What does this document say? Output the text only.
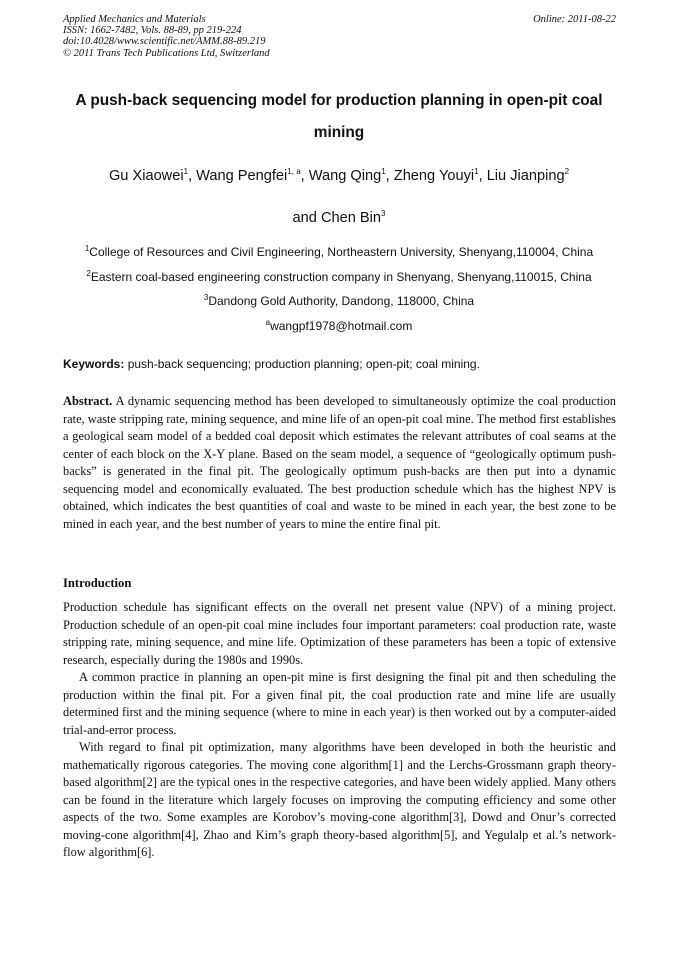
Applied Mechanics and Materials
ISSN: 1662-7482, Vols. 88-89, pp 219-224
doi:10.4028/www.scientific.net/AMM.88-89.219
© 2011 Trans Tech Publications Ltd, Switzerland
Online: 2011-08-22
A push-back sequencing model for production planning in open-pit coal
mining
Gu Xiaowei$^1$, Wang Pengfei$^{1, a}$, Wang Qing$^1$, Zheng Youyi$^1$, Liu Jianping$^2$
and Chen Bin$^3$
$^1$College of Resources and Civil Engineering, Northeastern University, Shenyang,110004, China
$^2$Eastern coal-based engineering construction company in Shenyang, Shenyang,110015, China
$^3$Dandong Gold Authority, Dandong, 118000, China
$^a$wangpf1978@hotmail.com
Keywords: push-back sequencing; production planning; open-pit; coal mining.

Abstract. A dynamic sequencing method has been developed to simultaneously optimize the coal production rate, waste stripping rate, mining sequence, and mine life of an open-pit coal mine. The method first establishes a geological seam model of a bedded coal deposit which estimates the relevant attributes of coal seams at the center of each block on the X-Y plane. Based on the seam model, a sequence of “geologically optimum push-backs” is generated in the final pit. The geologically optimum push-backs are then put into a dynamic sequencing model and economically evaluated. The best production schedule which has the highest NPV is obtained, which indicates the best quantities of coal and waste to be mined in each year, the best zone to be mined in each year, and the best number of years to mine the entire final pit.

Introduction

Production schedule has significant effects on the overall net present value (NPV) of a mining project. Production schedule of an open-pit coal mine includes four important parameters: coal production rate, waste stripping rate, mining sequence, and mine life. Optimization of these parameters has been a topic of extensive research, especially during the 1980s and 1990s.

A common practice in planning an open-pit mine is first designing the final pit and then scheduling the production within the final pit. For a given final pit, the coal production rate and mine life are usually determined first and the mining sequence (where to mine in each year) is then worked out by a computer-aided trial-and-error process.

With regard to final pit optimization, many algorithms have been developed in both the heuristic and mathematically rigorous categories. The moving cone algorithm[1] and the Lerchs-Grossmann graph theory-based algorithm[2] are the typical ones in the respective categories, and have been widely applied. Many others can be found in the literature which largely focuses on improving the computing efficiency and some other aspects of the two. Some examples are Korobov’s moving-cone algorithm[3], Dowd and Onur’s corrected moving-cone algorithm[4], Zhao and Kim’s graph theory-based algorithm[5], and Yegulalp et al.’s network-flow algorithm[6].
